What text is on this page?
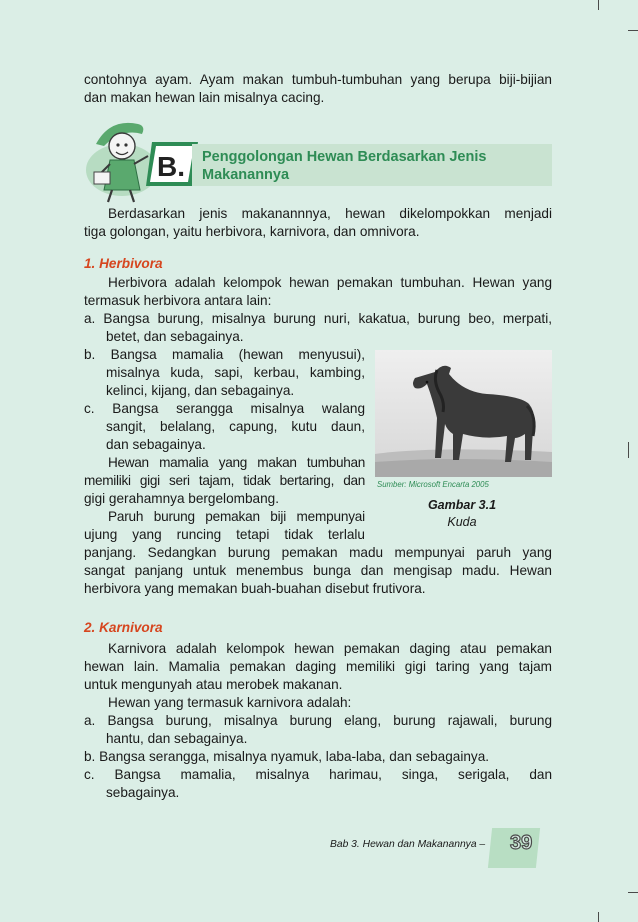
contohnya ayam. Ayam makan tumbuh-tumbuhan yang berupa biji-bijian
dan makan hewan lain misalnya cacing.
B. Penggolongan Hewan Berdasarkan Jenis
Makanannya
Berdasarkan jenis makanannnya, hewan dikelompokkan menjadi
tiga golongan, yaitu herbivora, karnivora, dan omnivora.
1. Herbivora
Herbivora adalah kelompok hewan pemakan tumbuhan. Hewan yang
termasuk herbivora antara lain:
a. Bangsa burung, misalnya burung nuri, kakatua, burung beo, merpati,
betet, dan sebagainya.
b. Bangsa mamalia (hewan menyusui),
misalnya kuda, sapi, kerbau, kambing,
kelinci, kijang, dan sebagainya.
c. Bangsa serangga misalnya walang
sangit, belalang, capung, kutu daun,
dan sebagainya.
Hewan mamalia yang makan tumbuhan
memiliki gigi seri tajam, tidak bertaring, dan
gigi gerahamnya bergelombang.
Paruh burung pemakan biji mempunyai
ujung yang runcing tetapi tidak terlalu
panjang. Sedangkan burung pemakan madu mempunyai paruh yang
sangat panjang untuk menembus bunga dan mengisap madu. Hewan
herbivora yang memakan buah-buahan disebut frutivora.
Sumber: Microsoft Encarta 2005
Gambar 3.1
Kuda
2. Karnivora
Karnivora adalah kelompok hewan pemakan daging atau pemakan
hewan lain. Mamalia pemakan daging memiliki gigi taring yang tajam
untuk mengunyah atau merobek makanan.
Hewan yang termasuk karnivora adalah:
a. Bangsa burung, misalnya burung elang, burung rajawali, burung
hantu, dan sebagainya.
b. Bangsa serangga, misalnya nyamuk, laba-laba, dan sebagainya.
c. Bangsa mamalia, misalnya harimau, singa, serigala, dan
sebagainya.
Bab 3. Hewan dan Makanannya – 39
